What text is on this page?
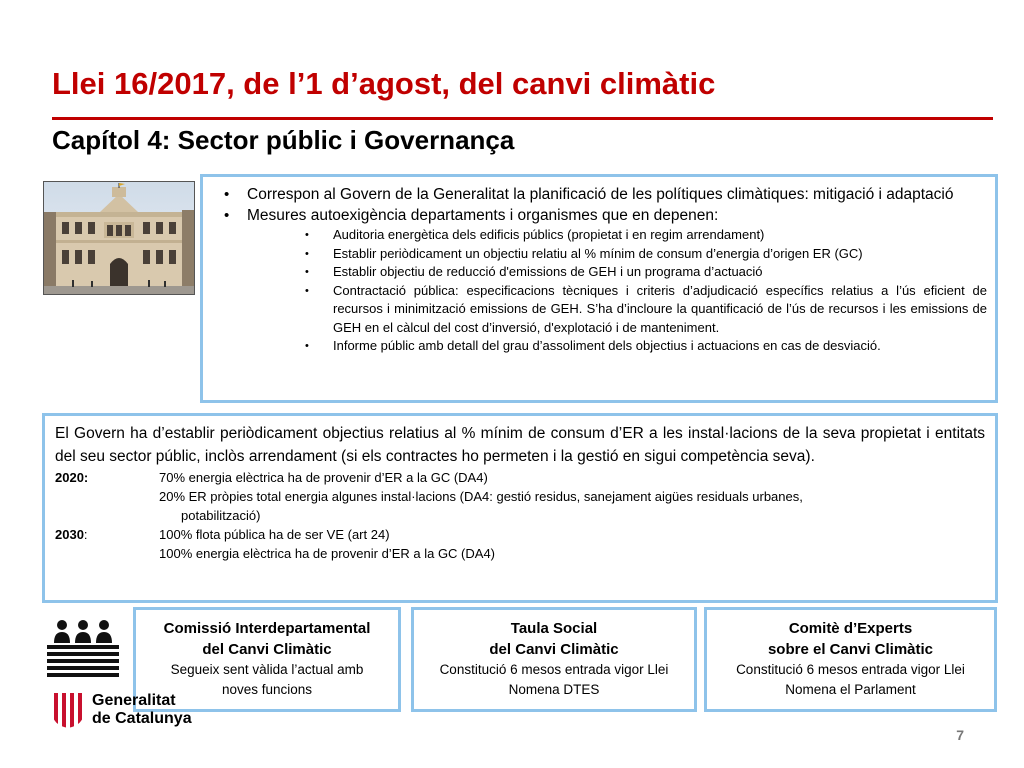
Llei 16/2017, de l’1 d’agost, del canvi climàtic
Capítol 4: Sector públic i Governança
• Correspon al Govern de la Generalitat la planificació de les polítiques climàtiques: mitigació i adaptació
• Mesures autoexigència departaments i organismes que en depenen:
• Auditoria energètica dels edificis públics (propietat i en regim arrendament)
• Establir periòdicament un objectiu relatiu al % mínim de consum d’energia d’origen ER (GC)
• Establir objectiu de reducció d'emissions de GEH i un programa d’actuació
• Contractació pública: especificacions tècniques i criteris d’adjudicació específics relatius a l’ús eficient de recursos i minimització emissions de GEH. S’ha d’incloure la quantificació de l’ús de recursos i les emissions de GEH en el càlcul del cost d’inversió, d'explotació i de manteniment.
• Informe públic amb detall del grau d’assoliment dels objectius i actuacions en cas de desviació.

El Govern ha d’establir periòdicament objectius relatius al % mínim de consum d’ER a les instal·lacions de la seva propietat i entitats del seu sector públic, inclòs arrendament (si els contractes ho permeten i la gestió en sigui competència seva).

2020:	70% energia elèctrica ha de provenir d’ER a la GC (DA4)
20% ER pròpies total energia algunes instal·lacions (DA4: gestió residus, sanejament aigües residuals urbanes,
potabilització)
2030:	100% flota pública ha de ser VE (art 24)
100% energia elèctrica ha de provenir d’ER a la GC (DA4)
Comissió Interdepartamental
del Canvi Climàtic
Segueix sent vàlida l’actual amb
noves funcions
Taula Social
del Canvi Climàtic
Constitució 6 mesos entrada vigor Llei
Nomena DTES
Comitè d’Experts
sobre el Canvi Climàtic
Constitució 6 mesos entrada vigor Llei
Nomena el Parlament
Generalitat
de Catalunya
7
